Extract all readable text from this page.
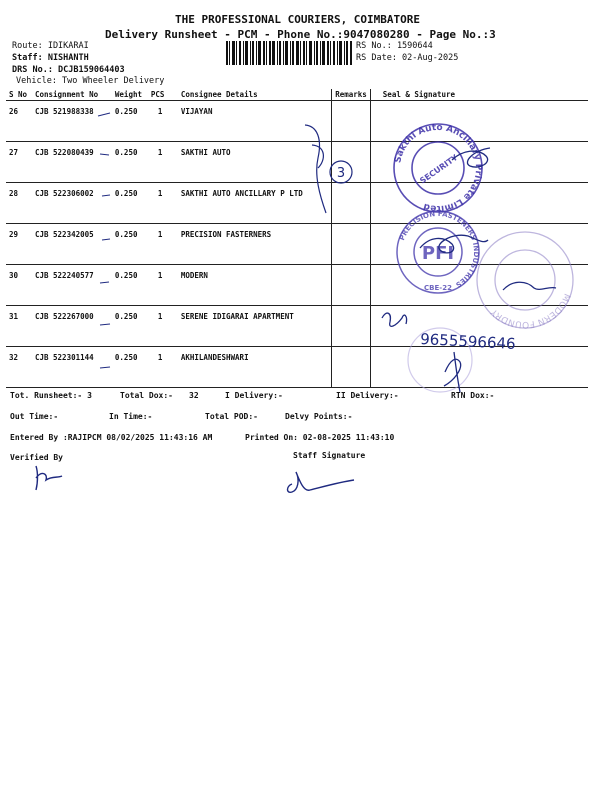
THE PROFESSIONAL COURIERS, COIMBATORE
Delivery Runsheet - PCM - Phone No.:9047080280 - Page No.:3
Route: IDIKARAI
Staff: NISHANTH
DRS No.: DCJB159064403
Vehicle: Two Wheeler Delivery
RS No.: 1590644
RS Date: 02-Aug-2025
S No	Consignment No	Weight	PCS	Consignee Details	Remarks	Seal & Signature
26	CJB 521988338	0.250	1	VIJAYAN		
27	CJB 522080439	0.250	1	SAKTHI AUTO		
28	CJB 522306002	0.250	1	SAKTHI AUTO ANCILLARY P LTD		
29	CJB 522342005	0.250	1	PRECISION FASTERNERS		
30	CJB 522240577	0.250	1	MODERN		
31	CJB 522267000	0.250	1	SERENE IDIGARAI APARTMENT		
32	CJB 522301144	0.250	1	AKHILANDESHWARI		
Tot. Runsheet:- 3	Total Dox:- 32	I Delivery:-	II Delivery:-	RTN Dox:-
Out Time:-	In Time:-	Total POD:-	Delvy Points:-
Entered By :RAJIPCM 08/02/2025 11:43:16 AM	Printed On: 02-08-2025 11:43:10
Verified By	Staff Signature
Sakthi Auto Ancillary Private Limited
SECURITY
PRECISION FASTENERS INDUSTRIES
PFI
CBE-22
MODERN FOUNDRY
3
9655596646
